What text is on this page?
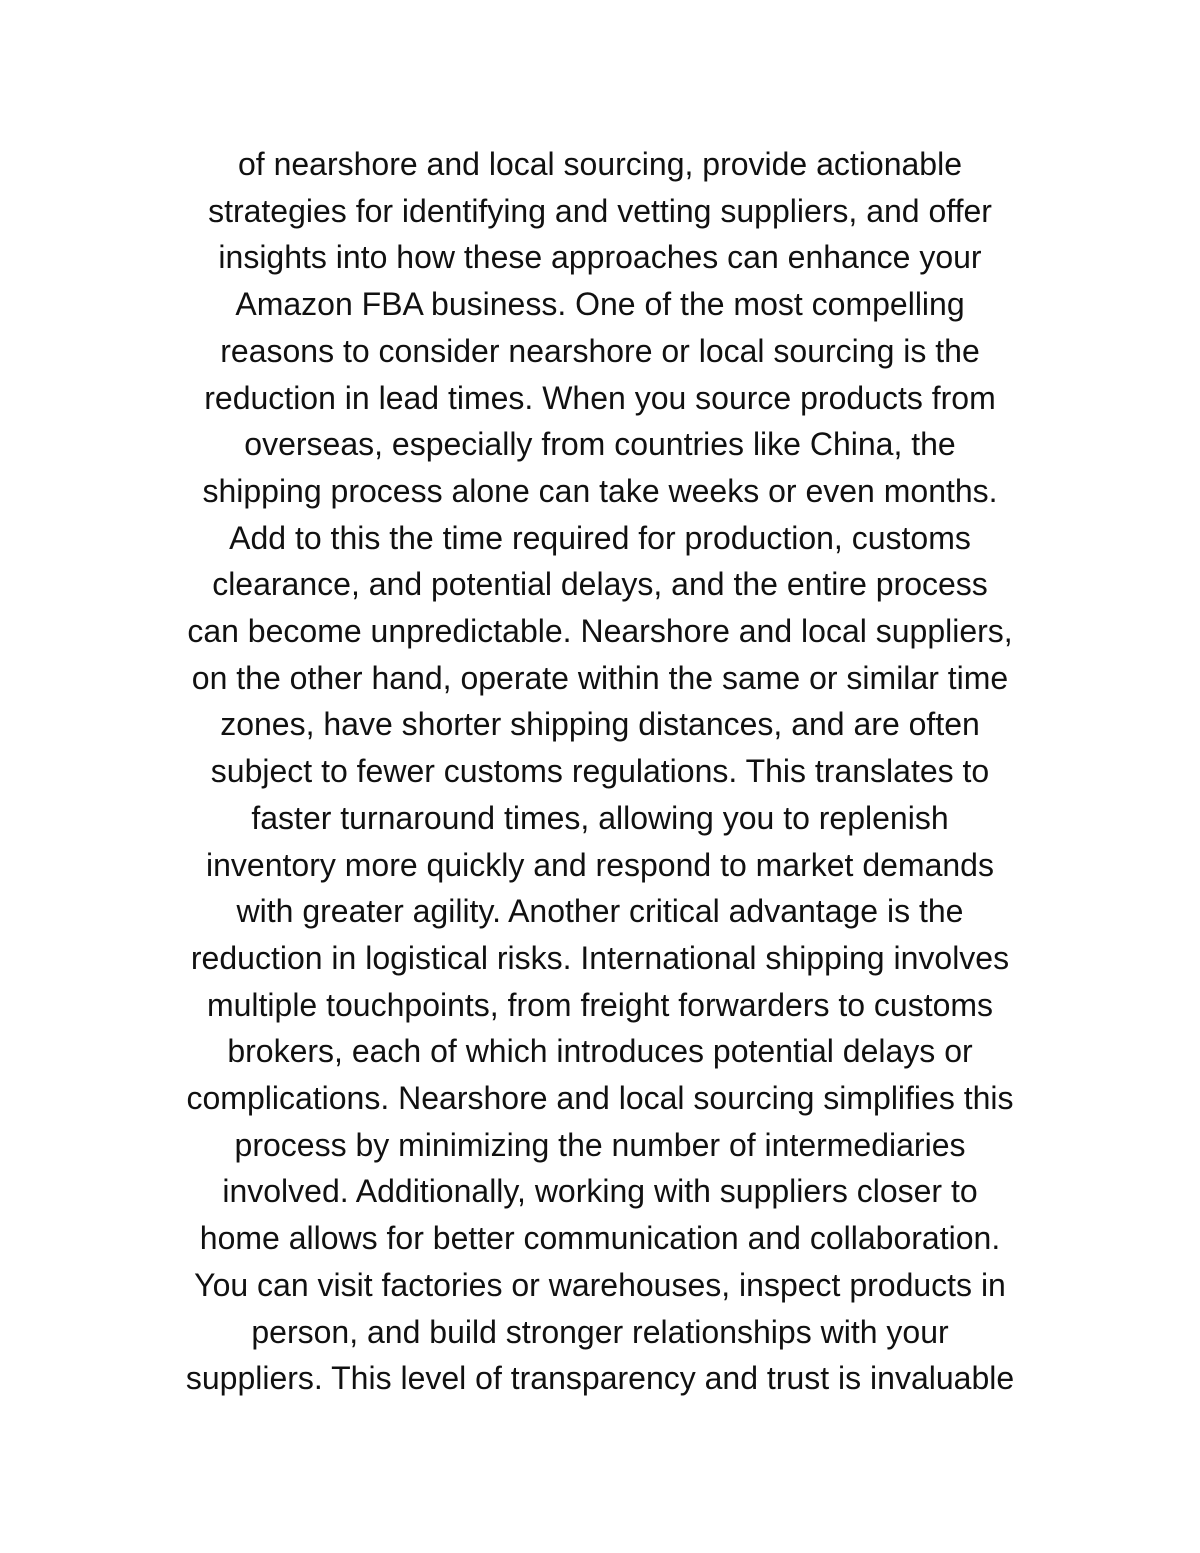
of nearshore and local sourcing, provide actionable
strategies for identifying and vetting suppliers, and offer
insights into how these approaches can enhance your
Amazon FBA business. One of the most compelling
reasons to consider nearshore or local sourcing is the
reduction in lead times. When you source products from
overseas, especially from countries like China, the
shipping process alone can take weeks or even months.
Add to this the time required for production, customs
clearance, and potential delays, and the entire process
can become unpredictable. Nearshore and local suppliers,
on the other hand, operate within the same or similar time
zones, have shorter shipping distances, and are often
subject to fewer customs regulations. This translates to
faster turnaround times, allowing you to replenish
inventory more quickly and respond to market demands
with greater agility. Another critical advantage is the
reduction in logistical risks. International shipping involves
multiple touchpoints, from freight forwarders to customs
brokers, each of which introduces potential delays or
complications. Nearshore and local sourcing simplifies this
process by minimizing the number of intermediaries
involved. Additionally, working with suppliers closer to
home allows for better communication and collaboration.
You can visit factories or warehouses, inspect products in
person, and build stronger relationships with your
suppliers. This level of transparency and trust is invaluable
